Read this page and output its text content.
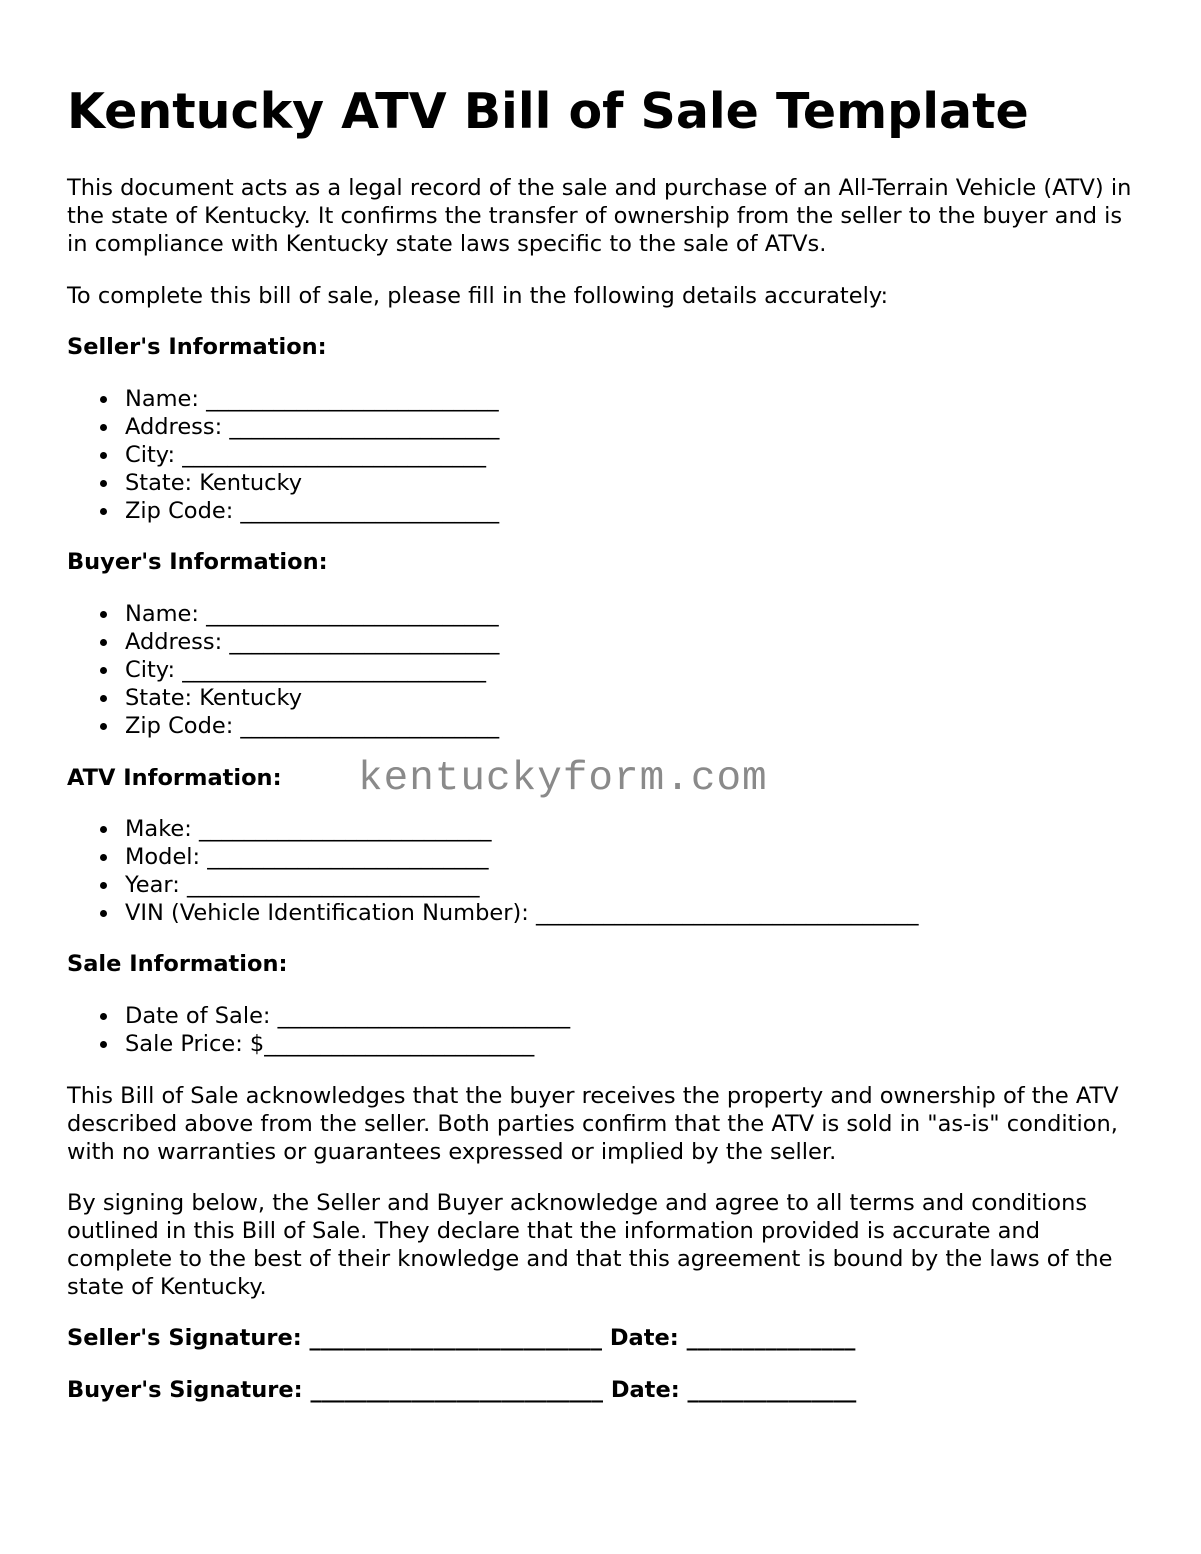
Kentucky ATV Bill of Sale Template

This document acts as a legal record of the sale and purchase of an All-Terrain Vehicle (ATV) in the state of Kentucky. It confirms the transfer of ownership from the seller to the buyer and is in compliance with Kentucky state laws specific to the sale of ATVs.

To complete this bill of sale, please fill in the following details accurately:

Seller's Information:
Name: __________________________
Address: ________________________
City: ___________________________
State: Kentucky
Zip Code: _______________________
Buyer's Information:
Name: __________________________
Address: ________________________
City: ___________________________
State: Kentucky
Zip Code: _______________________
ATV Information:
Make: __________________________
Model: _________________________
Year: __________________________
VIN (Vehicle Identification Number): __________________________________
Sale Information:
Date of Sale: __________________________
Sale Price: $________________________

This Bill of Sale acknowledges that the buyer receives the property and ownership of the ATV described above from the seller. Both parties confirm that the ATV is sold in "as-is" condition, with no warranties or guarantees expressed or implied by the seller.

By signing below, the Seller and Buyer acknowledge and agree to all terms and conditions outlined in this Bill of Sale. They declare that the information provided is accurate and complete to the best of their knowledge and that this agreement is bound by the laws of the state of Kentucky.

Seller's Signature: __________________________ Date: _______________
Buyer's Signature: __________________________ Date: _______________
kentuckyform.com
